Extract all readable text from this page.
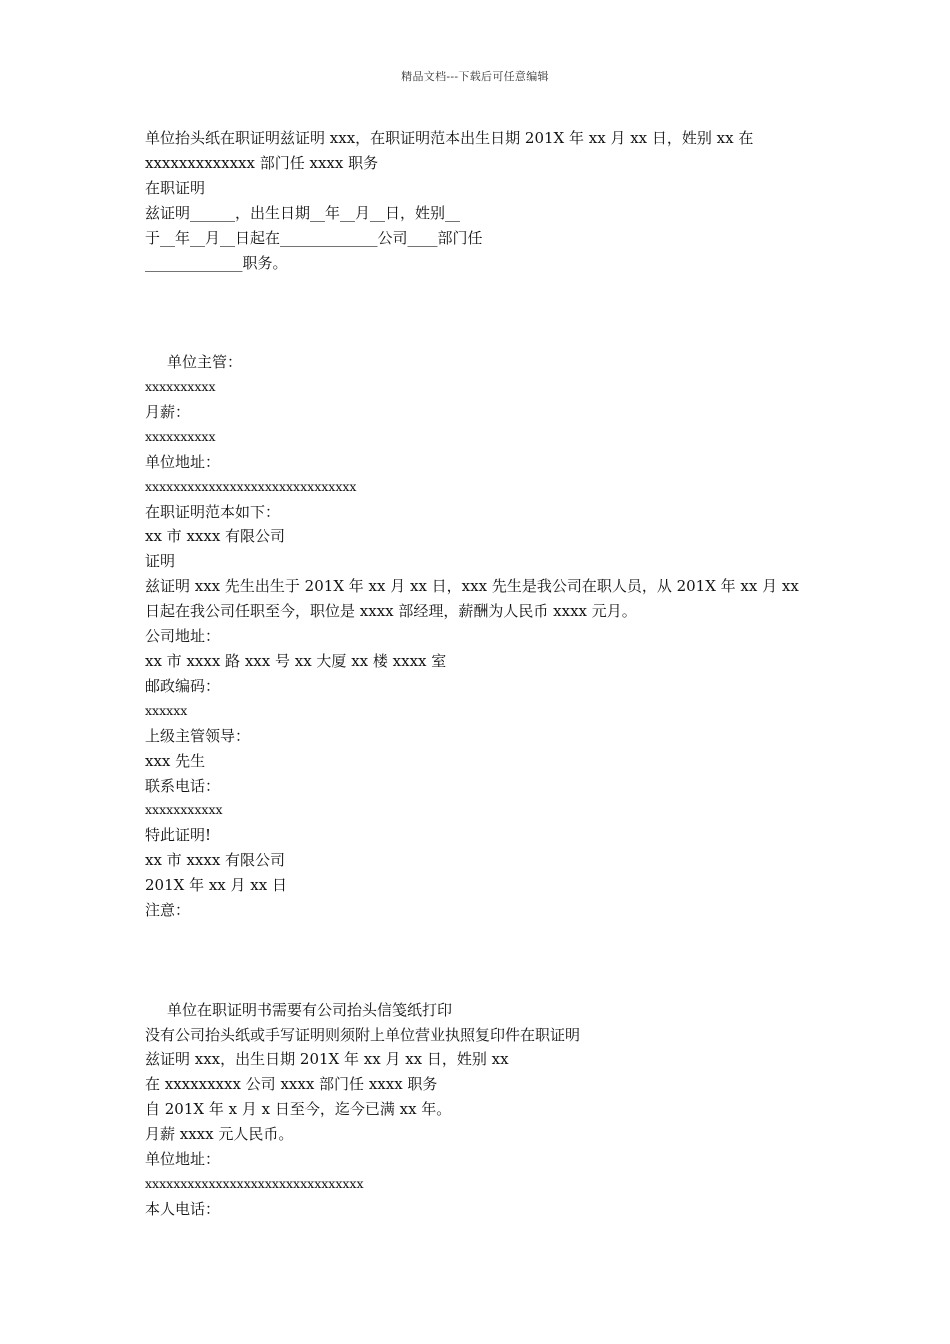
精品文档---下载后可任意编辑
单位抬头纸在职证明兹证明 xxx，在职证明范本出生日期 201X 年 xx 月 xx 日，姓别 xx 在
xxxxxxxxxxxxx 部门任 xxxx 职务
在职证明
兹证明______，出生日期__年__月__日，姓别__
于__年__月__日起在_____________公司____部门任
_____________职务。
单位主管：
xxxxxxxxxx
月薪：
xxxxxxxxxx
单位地址：
xxxxxxxxxxxxxxxxxxxxxxxxxxxxxx
在职证明范本如下：
xx 市 xxxx 有限公司
证明
兹证明 xxx 先生出生于 201X 年 xx 月 xx 日，xxx 先生是我公司在职人员，从 201X 年 xx 月 xx
日起在我公司任职至今，职位是 xxxx 部经理，薪酬为人民币 xxxx 元月。
公司地址：
xx 市 xxxx 路 xxx 号 xx 大厦 xx 楼 xxxx 室
邮政编码：
xxxxxx
上级主管领导：
xxx 先生
联系电话：
xxxxxxxxxxx
特此证明!
xx 市 xxxx 有限公司
201X 年 xx 月 xx 日
注意：
单位在职证明书需要有公司抬头信笺纸打印
没有公司抬头纸或手写证明则须附上单位营业执照复印件在职证明
兹证明 xxx，出生日期 201X 年 xx 月 xx 日，姓别 xx
在 xxxxxxxxx 公司 xxxx 部门任 xxxx 职务
自 201X 年 x 月 x 日至今，迄今已满 xx 年。
月薪 xxxx 元人民币。
单位地址：
xxxxxxxxxxxxxxxxxxxxxxxxxxxxxxx
本人电话：
